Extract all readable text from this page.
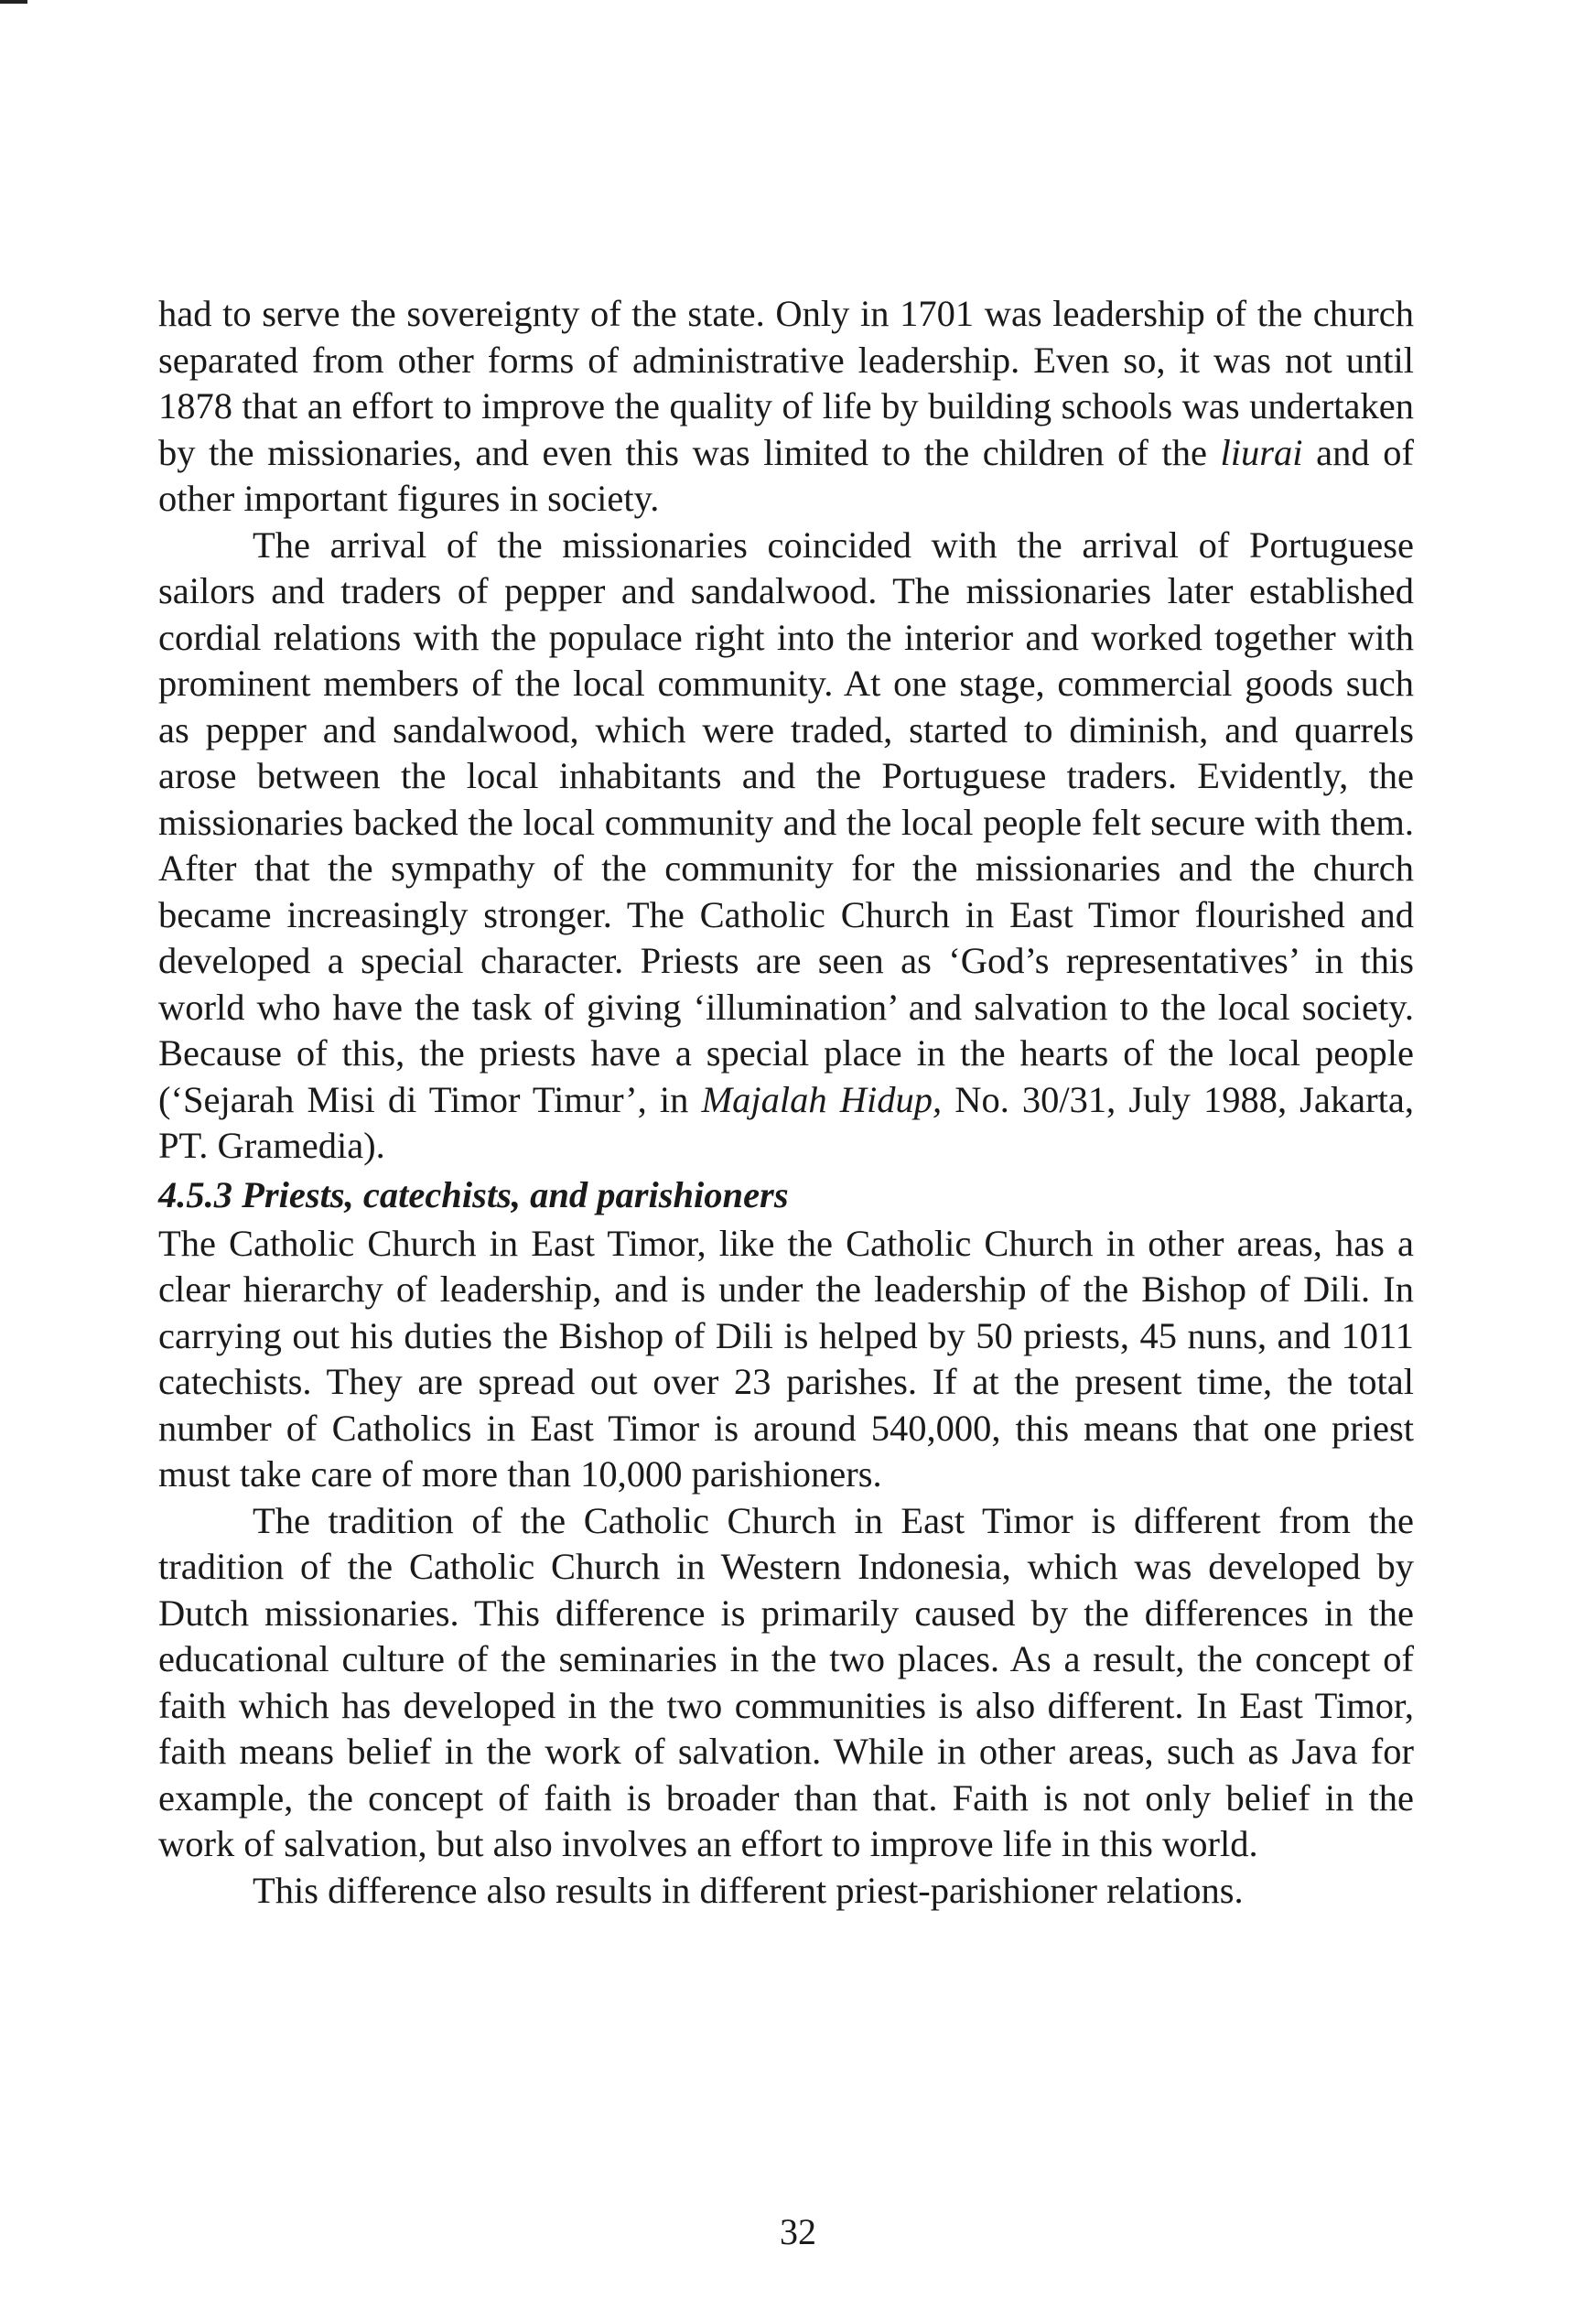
had to serve the sovereignty of the state. Only in 1701 was leadership of the church separated from other forms of administrative leadership. Even so, it was not until 1878 that an effort to improve the quality of life by building schools was undertaken by the missionaries, and even this was limited to the children of the liurai and of other important figures in society.

The arrival of the missionaries coincided with the arrival of Portuguese sailors and traders of pepper and sandalwood. The missionaries later established cordial relations with the populace right into the interior and worked together with prominent members of the local community. At one stage, commercial goods such as pepper and sandalwood, which were traded, started to diminish, and quarrels arose between the local inhabitants and the Portuguese traders. Evidently, the missionaries backed the local community and the local people felt secure with them. After that the sympathy of the community for the missionaries and the church became increasingly stronger. The Catholic Church in East Timor flourished and developed a special character. Priests are seen as ‘God’s representatives’ in this world who have the task of giving ‘illumination’ and salvation to the local society. Because of this, the priests have a special place in the hearts of the local people (‘Sejarah Misi di Timor Timur’, in Majalah Hidup, No. 30/31, July 1988, Jakarta, PT. Gramedia).

4.5.3 Priests, catechists, and parishioners

The Catholic Church in East Timor, like the Catholic Church in other areas, has a clear hierarchy of leadership, and is under the leadership of the Bishop of Dili. In carrying out his duties the Bishop of Dili is helped by 50 priests, 45 nuns, and 1011 catechists. They are spread out over 23 parishes. If at the present time, the total number of Catholics in East Timor is around 540,000, this means that one priest must take care of more than 10,000 parishioners.

The tradition of the Catholic Church in East Timor is different from the tradition of the Catholic Church in Western Indonesia, which was developed by Dutch missionaries. This difference is primarily caused by the differences in the educational culture of the seminaries in the two places. As a result, the concept of faith which has developed in the two communities is also different. In East Timor, faith means belief in the work of salvation. While in other areas, such as Java for example, the concept of faith is broader than that. Faith is not only belief in the work of salvation, but also involves an effort to improve life in this world.

This difference also results in different priest-parishioner relations.

32
